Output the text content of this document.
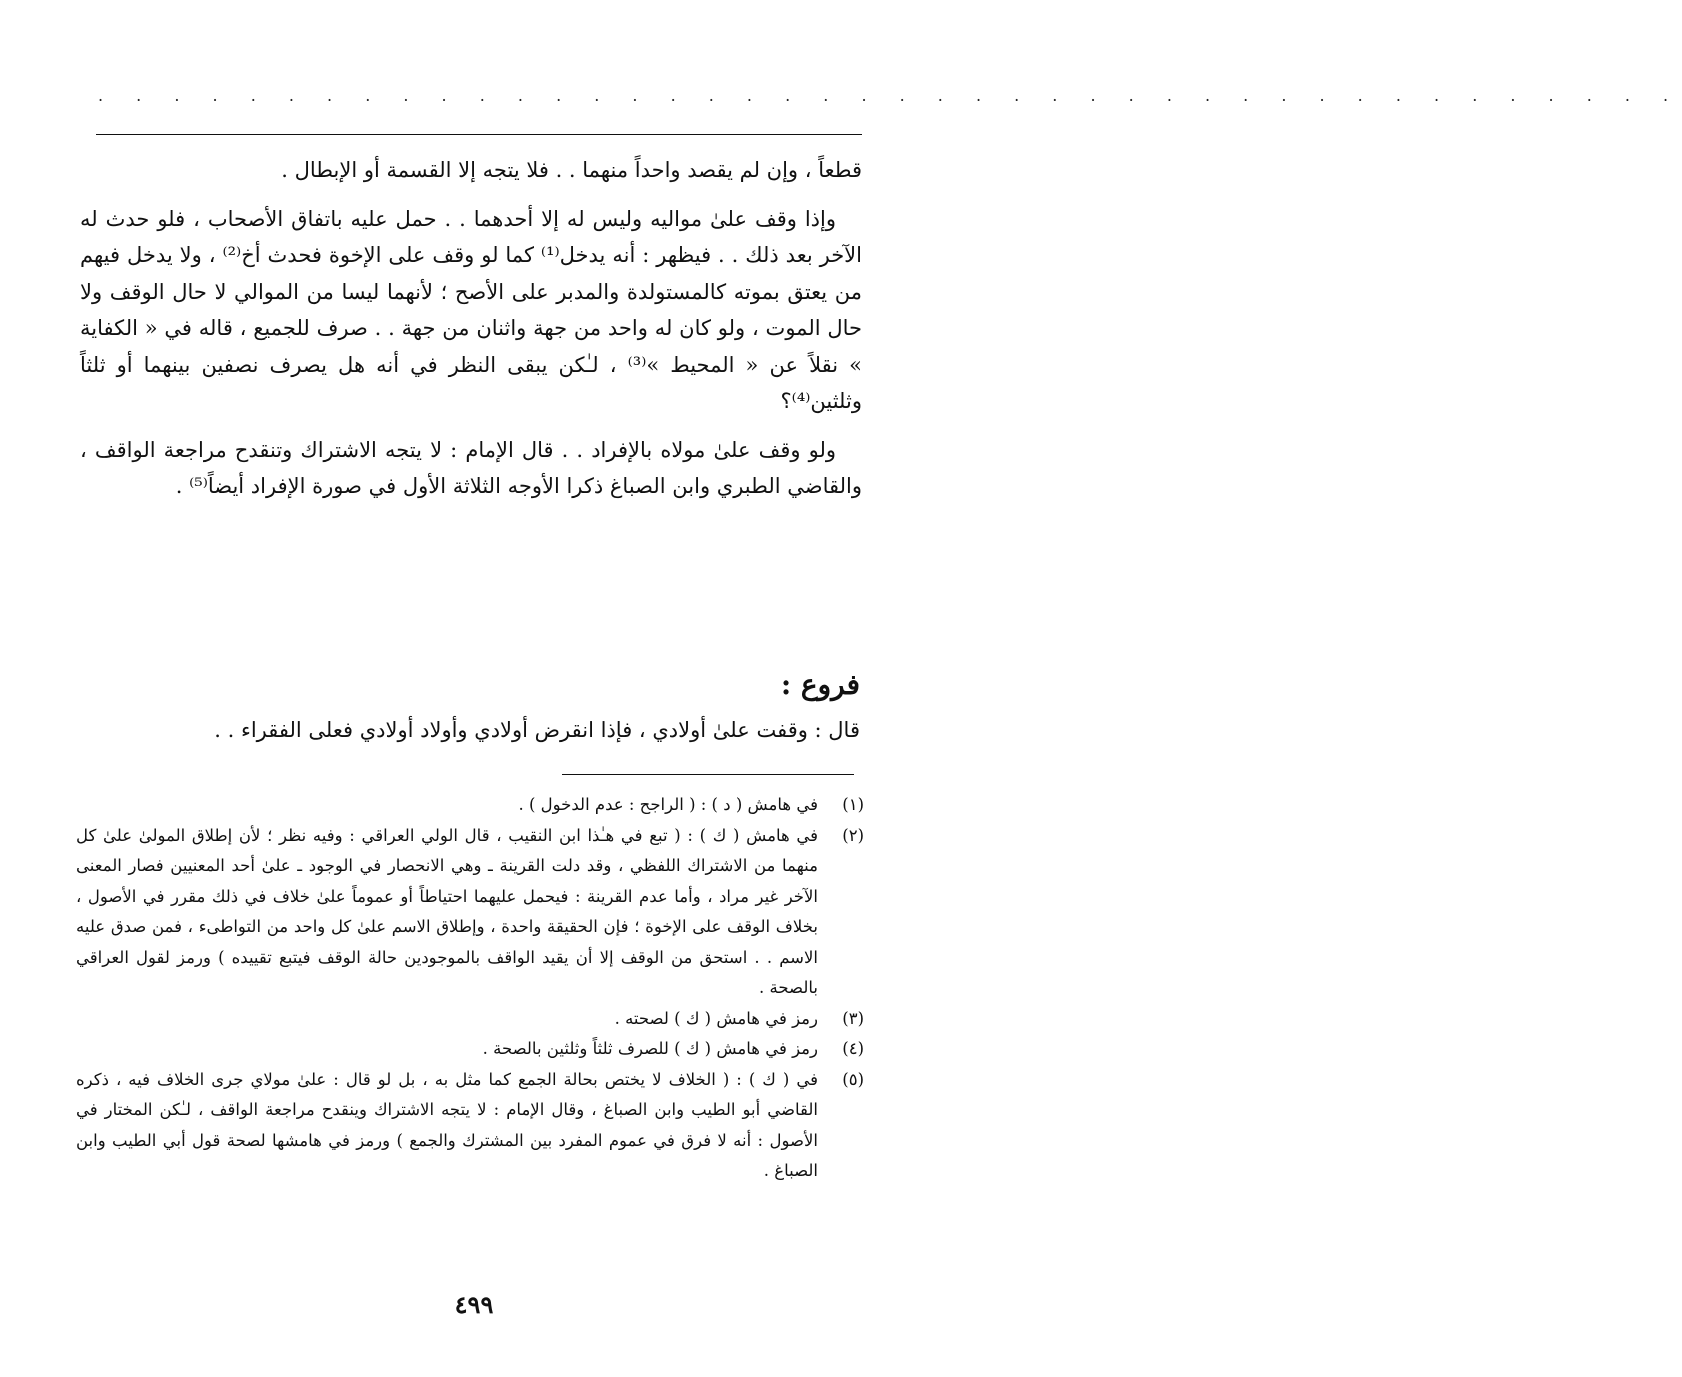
. . . . . . . . . . . . . . . . . . . . . . . . . . . . . . . . . . . . . . . . . .

قطعاً ، وإن لم يقصد واحداً منهما . . فلا يتجه إلا القسمة أو الإبطال .

وإذا وقف علىٰ مواليه وليس له إلا أحدهما . . حمل عليه باتفاق الأصحاب ، فلو حدث له الآخر بعد ذلك . . فيظهر : أنه يدخل⁽¹⁾ كما لو وقف على الإخوة فحدث أخ⁽²⁾ ، ولا يدخل فيهم من يعتق بموته كالمستولدة والمدبر على الأصح ؛ لأنهما ليسا من الموالي لا حال الوقف ولا حال الموت ، ولو كان له واحد من جهة واثنان من جهة . . صرف للجميع ، قاله في « الكفاية » نقلاً عن « المحيط »⁽³⁾ ، لـٰكن يبقى النظر في أنه هل يصرف نصفين بينهما أو ثلثاً وثلثين⁽⁴⁾؟

ولو وقف علىٰ مولاه بالإفراد . . قال الإمام : لا يتجه الاشتراك وتنقدح مراجعة الواقف ، والقاضي الطبري وابن الصباغ ذكرا الأوجه الثلاثة الأول في صورة الإفراد أيضاً⁽⁵⁾ .

فروع :
قال : وقفت علىٰ أولادي ، فإذا انقرض أولادي وأولاد أولادي فعلى الفقراء . .
(١)
في هامش ( د ) : ( الراجح : عدم الدخول ) .
(٢)
في هامش ( ك ) : ( تبع في هـٰذا ابن النقيب ، قال الولي العراقي : وفيه نظر ؛ لأن إطلاق المولىٰ علىٰ كل منهما من الاشتراك اللفظي ، وقد دلت القرينة ـ وهي الانحصار في الوجود ـ علىٰ أحد المعنيين فصار المعنى الآخر غير مراد ، وأما عدم القرينة : فيحمل عليهما احتياطاً أو عموماً علىٰ خلاف في ذلك مقرر في الأصول ، بخلاف الوقف على الإخوة ؛ فإن الحقيقة واحدة ، وإطلاق الاسم علىٰ كل واحد من التواطىء ، فمن صدق عليه الاسم . . استحق من الوقف إلا أن يقيد الواقف بالموجودين حالة الوقف فيتبع تقييده ) ورمز لقول العراقي بالصحة .
(٣)
رمز في هامش ( ك ) لصحته .
(٤)
رمز في هامش ( ك ) للصرف ثلثاً وثلثين بالصحة .
(٥)
في ( ك ) : ( الخلاف لا يختص بحالة الجمع كما مثل به ، بل لو قال : علىٰ مولاي جرى الخلاف فيه ، ذكره القاضي أبو الطيب وابن الصباغ ، وقال الإمام : لا يتجه الاشتراك وينقدح مراجعة الواقف ، لـٰكن المختار في الأصول : أنه لا فرق في عموم المفرد بين المشترك والجمع ) ورمز في هامشها لصحة قول أبي الطيب وابن الصباغ .
٤٩٩
